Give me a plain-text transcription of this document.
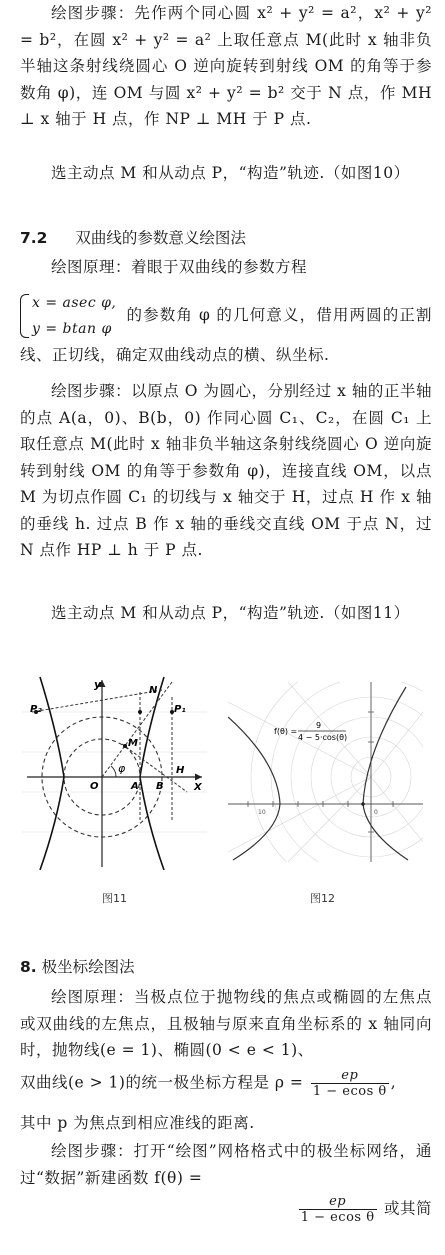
绘图步骤：先作两个同心圆 x² + y² = a²，x² + y² = b²，在圆 x² + y² = a² 上取任意点 M(此时 x 轴非负半轴这条射线绕圆心 O 逆向旋转到射线 OM 的角等于参数角 φ)，连 OM 与圆 x² + y² = b² 交于 N 点，作 MH ⊥ x 轴于 H 点，作 NP ⊥ MH 于 P 点.
选主动点 M 和从动点 P，“构造”轨迹.（如图10）
7.2 双曲线的参数意义绘图法
绘图原理：着眼于双曲线的参数方程
x = asec φ,
y = btan φ
的参数角 φ 的几何意义，借用两圆的正割线、正切线，确定双曲线动点的横、纵坐标.
绘图步骤：以原点 O 为圆心，分别经过 x 轴的正半轴的点 A(a，0)、B(b，0) 作同心圆 C₁、C₂，在圆 C₁ 上取任意点 M(此时 x 轴非负半轴这条射线绕圆心 O 逆向旋转到射线 OM 的角等于参数角 φ)，连接直线 OM，以点 M 为切点作圆 C₁ 的切线与 x 轴交于 H，过点 H 作 x 轴的垂线 h. 过点 B 作 x 轴的垂线交直线 OM 于点 N，过 N 点作 HP ⊥ h 于 P 点.
选主动点 M 和从动点 P，“构造”轨迹.（如图11）
y
X
O	A B
H
M
N
P₁
P₂
φ
f(θ) =
9
4 − 5·cos(θ)
10	0
图11	图12
8. 极坐标绘图法
绘图原理：当极点位于抛物线的焦点或椭圆的左焦点或双曲线的左焦点，且极轴与原来直角坐标系的 x 轴同向时，抛物线(e = 1)、椭圆(0 < e < 1)、
双曲线(e > 1)的统一极坐标方程是 $\rho = \frac{ep}{\text{1 − ecos θ}}$ ,
其中 p 为焦点到相应准线的距离.
绘图步骤：打开“绘图”网格格式中的极坐标网络，通过“数据”新建函数 f(θ) =
$\frac{ep}{\text{1 − ecos θ}}$ 或其简
